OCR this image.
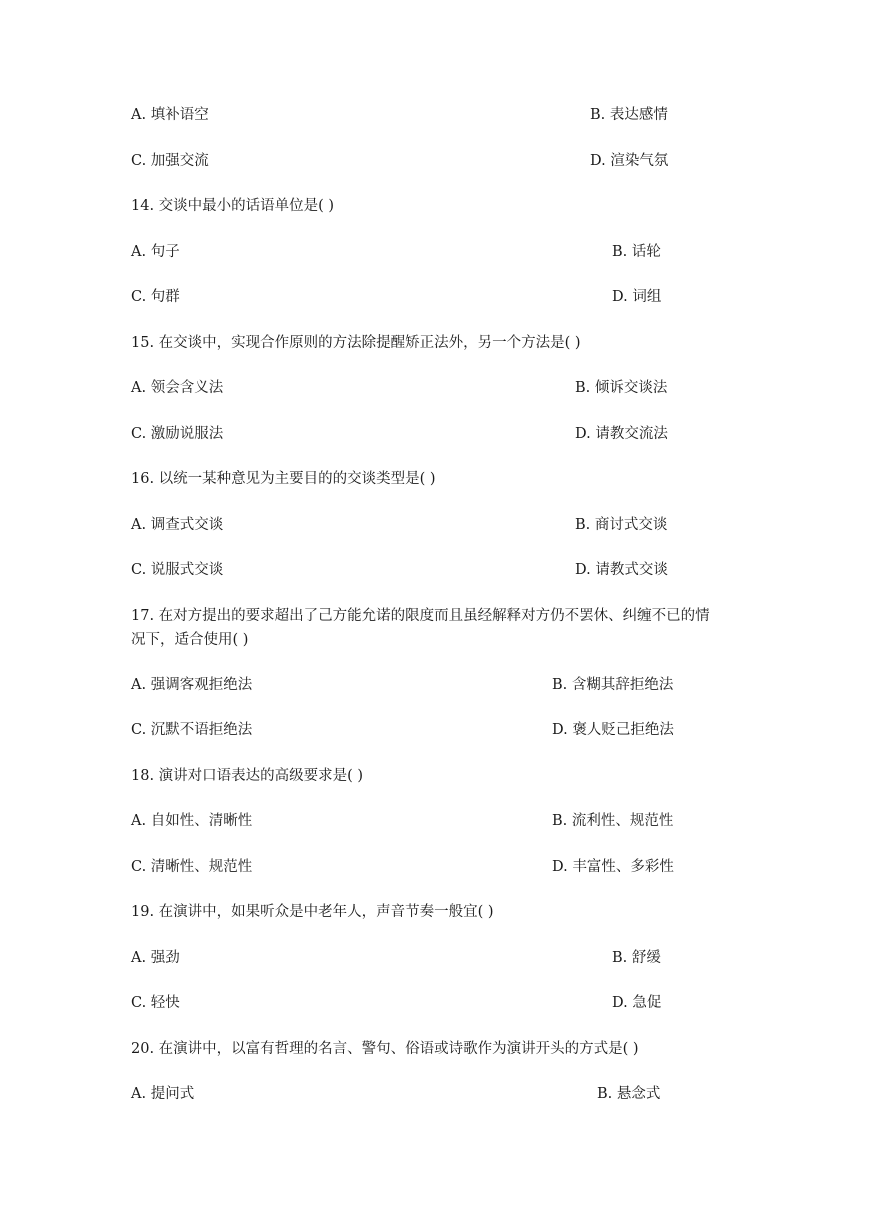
A. 填补语空	B. 表达感情
C. 加强交流	D. 渲染气氛
14. 交谈中最小的话语单位是( )
A. 句子	B. 话轮
C. 句群	D. 词组
15. 在交谈中，实现合作原则的方法除提醒矫正法外，另一个方法是( )
A. 领会含义法	B. 倾诉交谈法
C. 激励说服法	D. 请教交流法
16. 以统一某种意见为主要目的的交谈类型是( )
A. 调查式交谈	B. 商讨式交谈
C. 说服式交谈	D. 请教式交谈
17. 在对方提出的要求超出了己方能允诺的限度而且虽经解释对方仍不罢休、纠缠不已的情
况下，适合使用( )
A. 强调客观拒绝法	B. 含糊其辞拒绝法
C. 沉默不语拒绝法	D. 褒人贬己拒绝法
18. 演讲对口语表达的高级要求是( )
A. 自如性、清晰性	B. 流利性、规范性
C. 清晰性、规范性	D. 丰富性、多彩性
19. 在演讲中，如果听众是中老年人，声音节奏一般宜( )
A. 强劲	B. 舒缓
C. 轻快	D. 急促
20. 在演讲中，以富有哲理的名言、警句、俗语或诗歌作为演讲开头的方式是( )
A. 提问式	B. 悬念式
